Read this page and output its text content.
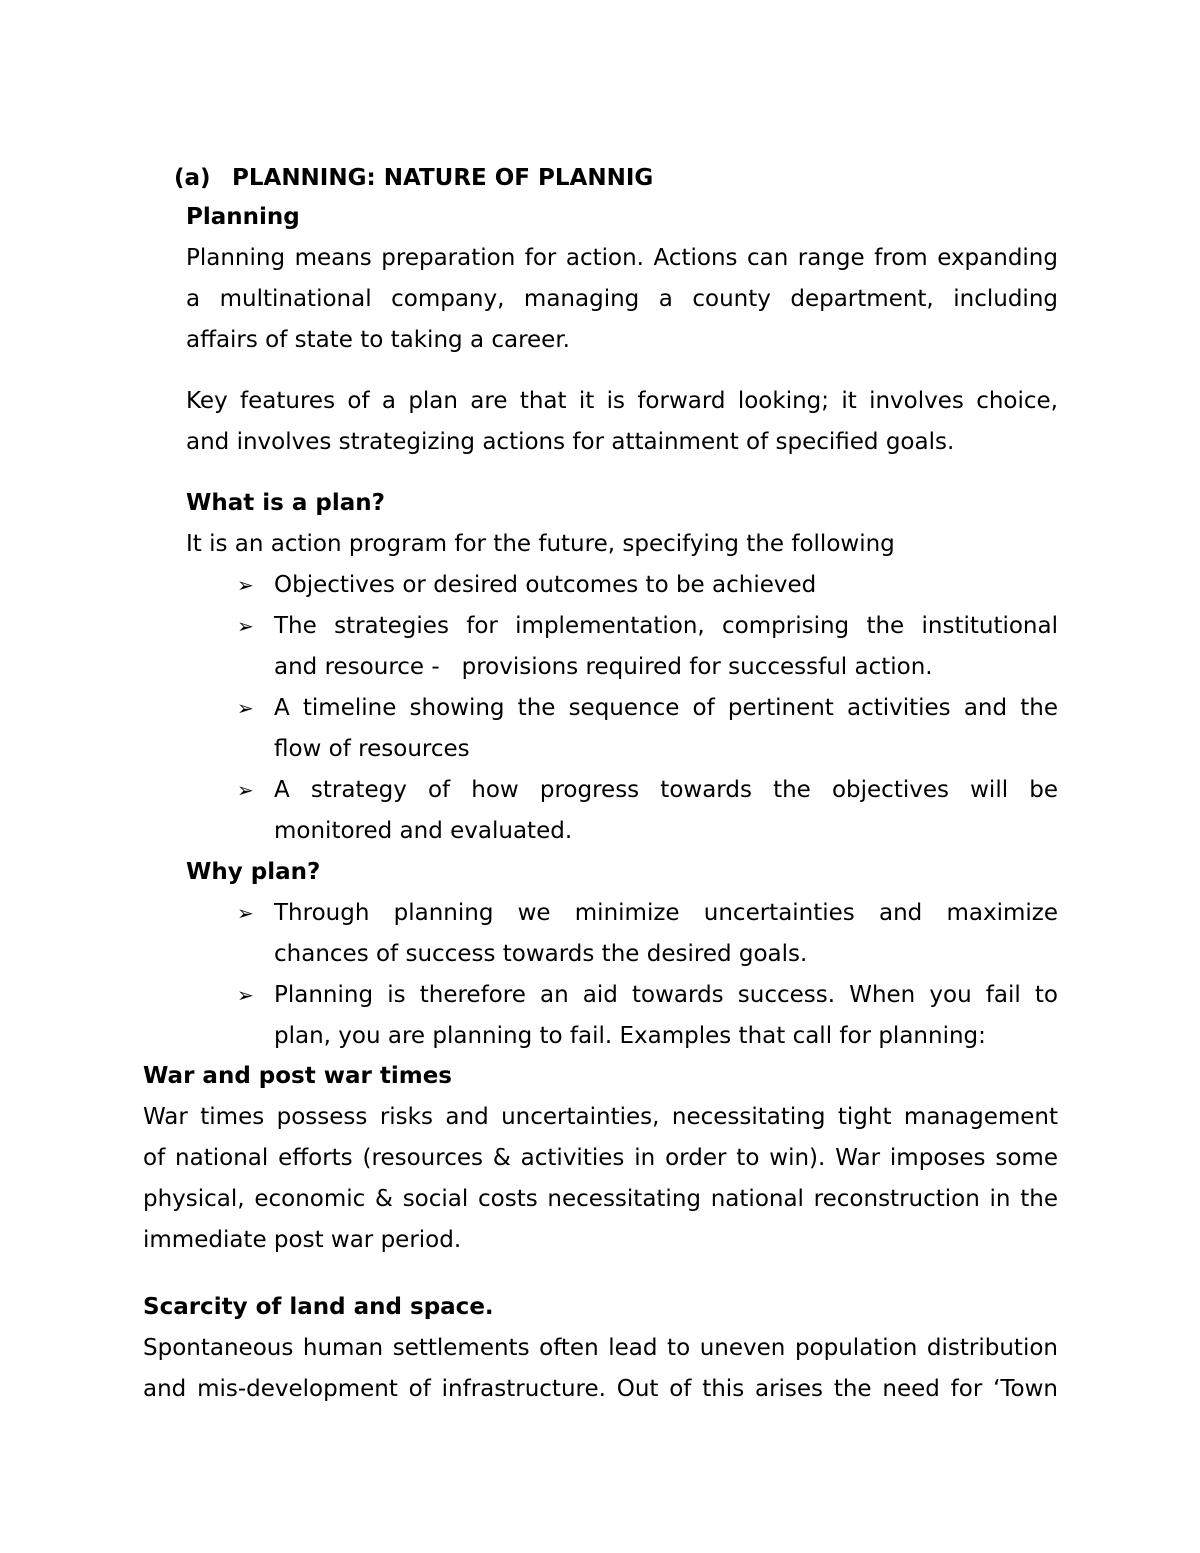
(a) PLANNING: NATURE OF PLANNIG
Planning
Planning means preparation for action. Actions can range from expanding
a multinational company, managing a county department, including
affairs of state to taking a career.
Key features of a plan are that it is forward looking; it involves choice,
and involves strategizing actions for attainment of specified goals.
What is a plan?
It is an action program for the future, specifying the following
➢ Objectives or desired outcomes to be achieved
➢ The strategies for implementation, comprising the institutional
and resource -   provisions required for successful action.
➢ A timeline showing the sequence of pertinent activities and the
flow of resources
➢ A strategy of how progress towards the objectives will be
monitored and evaluated.
Why plan?
➢ Through planning we minimize uncertainties and maximize
chances of success towards the desired goals.
➢ Planning is therefore an aid towards success. When you fail to
plan, you are planning to fail. Examples that call for planning:
War and post war times
War times possess risks and uncertainties, necessitating tight management
of national efforts (resources & activities in order to win). War imposes some
physical, economic & social costs necessitating national reconstruction in the
immediate post war period.
Scarcity of land and space.
Spontaneous human settlements often lead to uneven population distribution
and mis-development of infrastructure. Out of this arises the need for ‘Town
